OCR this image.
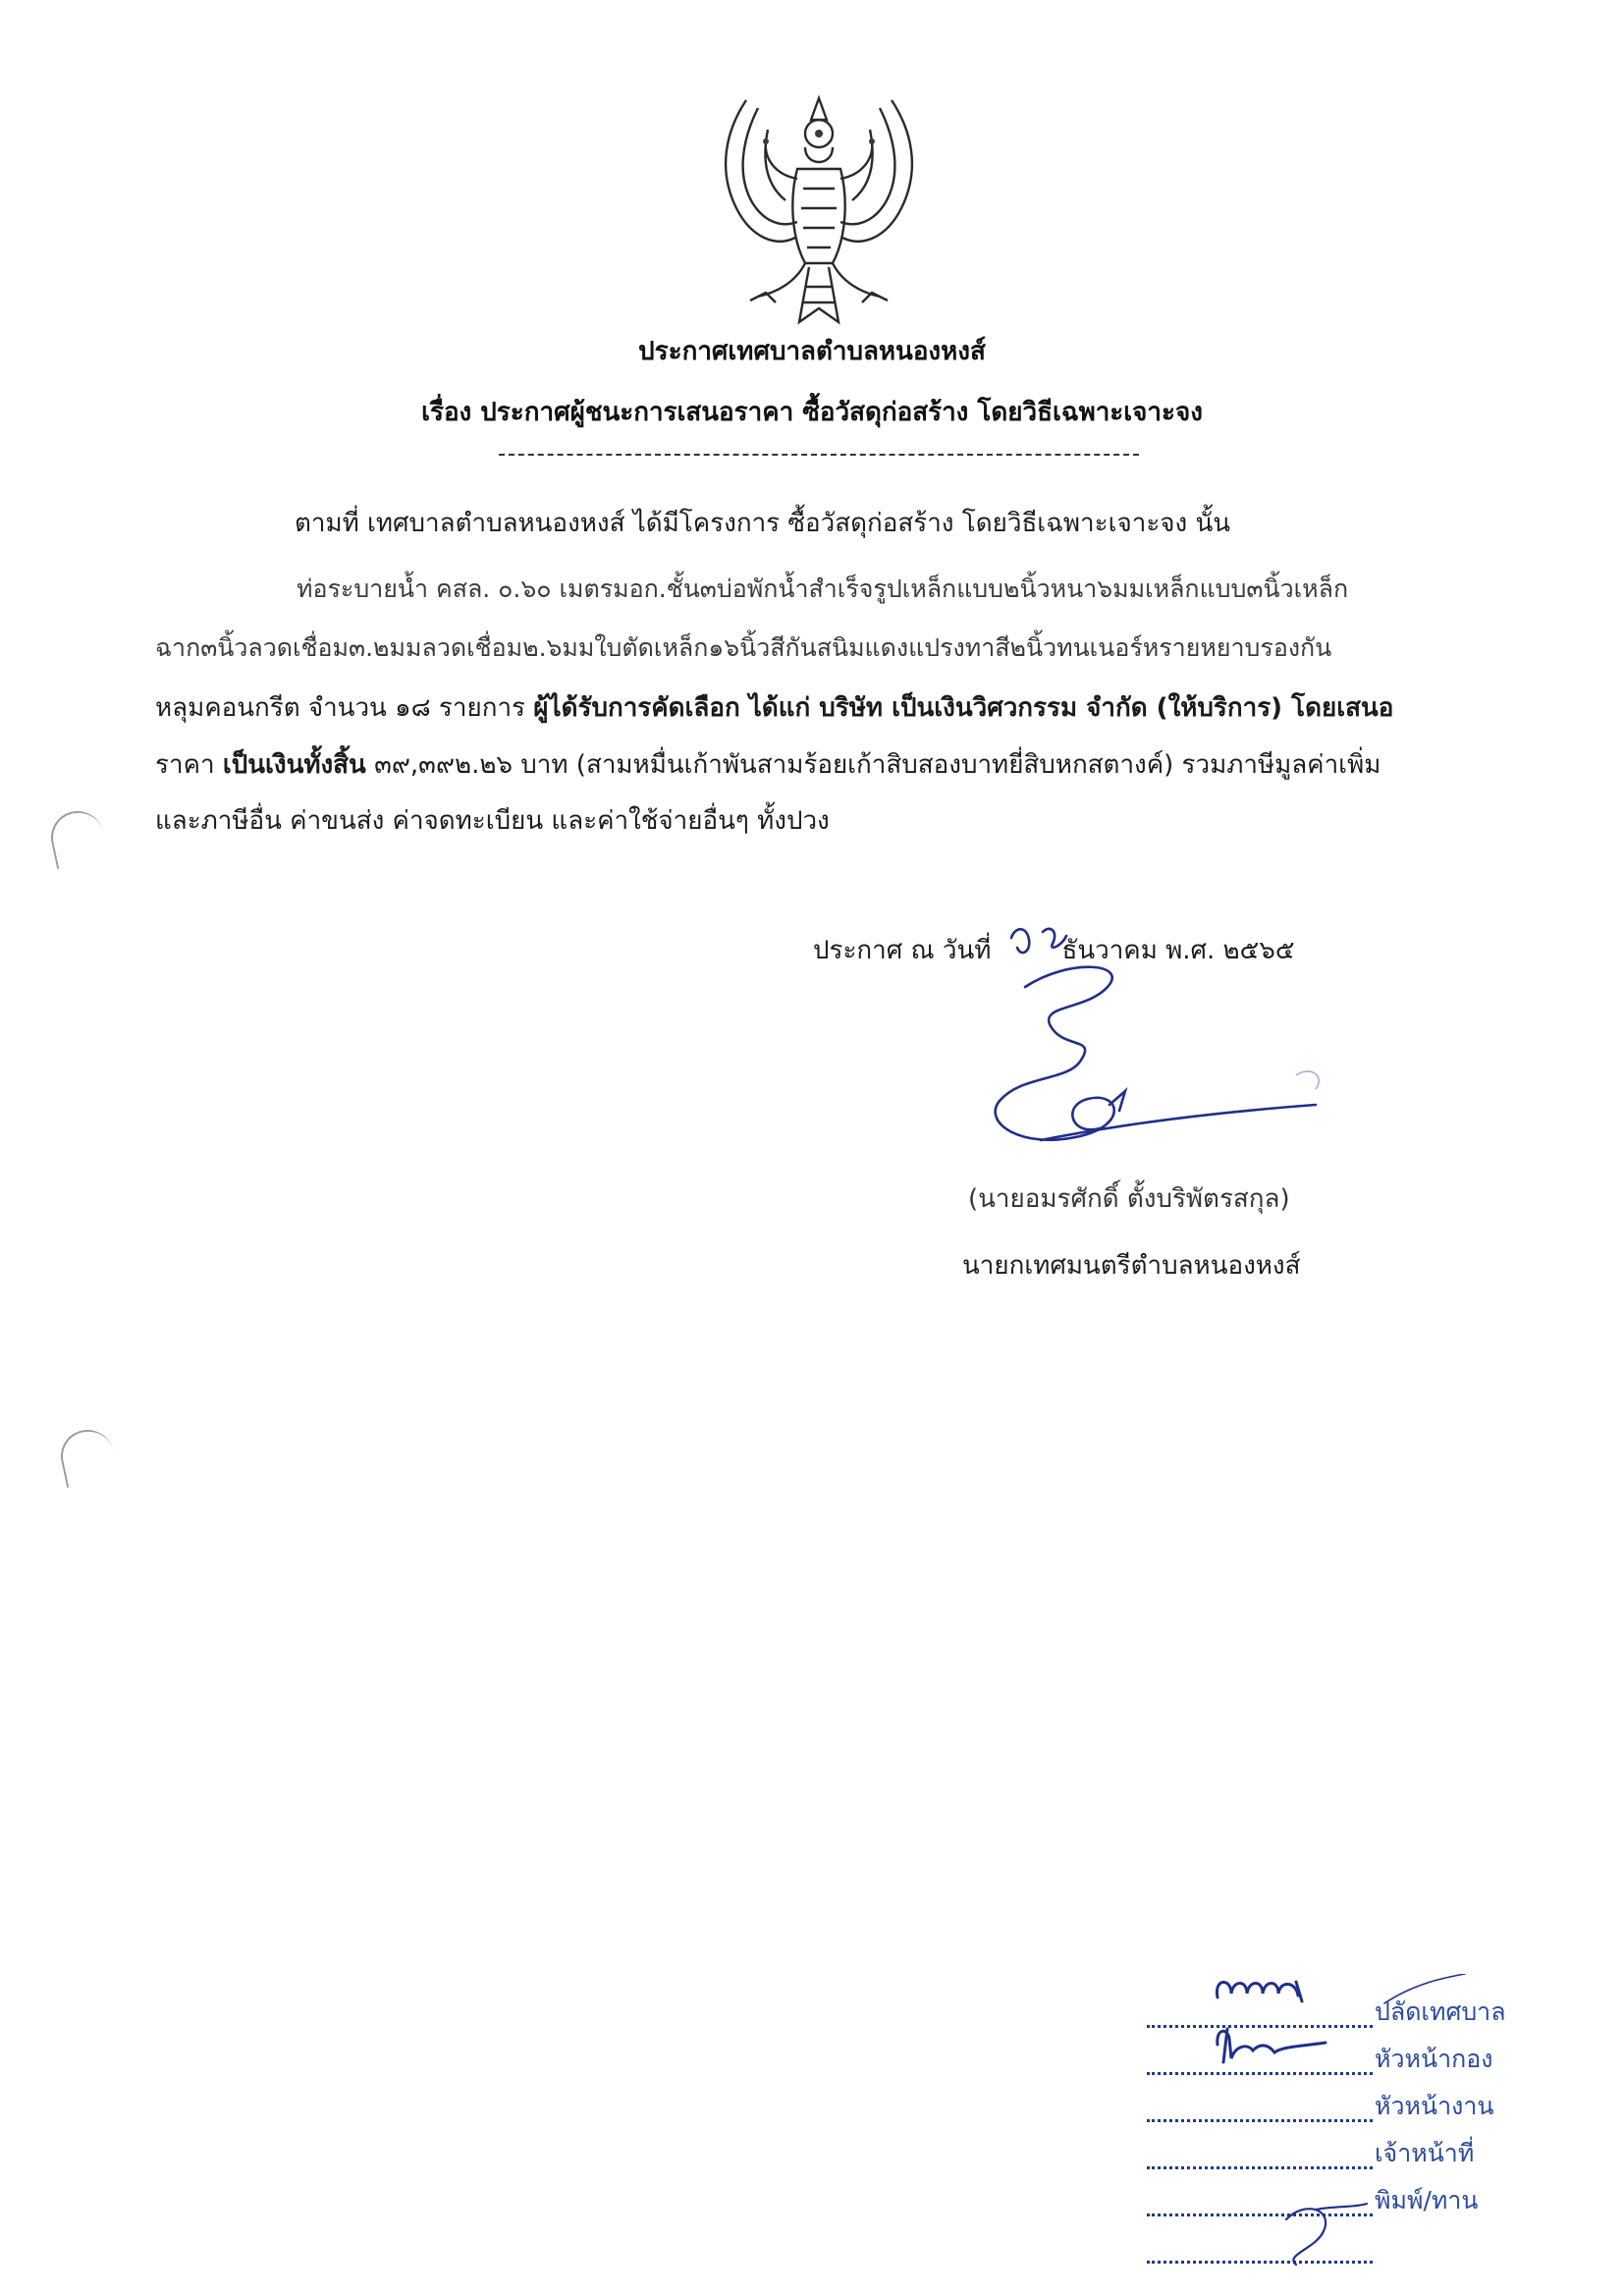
ประกาศเทศบาลตำบลหนองหงส์
เรื่อง ประกาศผู้ชนะการเสนอราคา ซื้อวัสดุก่อสร้าง โดยวิธีเฉพาะเจาะจง
ตามที่ เทศบาลตำบลหนองหงส์ ได้มีโครงการ ซื้อวัสดุก่อสร้าง โดยวิธีเฉพาะเจาะจง นั้น
ท่อระบายน้ำ คสล. ๐.๖๐ เมตรมอก.ชั้น๓บ่อพักน้ำสำเร็จรูปเหล็กแบบ๒นิ้วหนา๖มมเหล็กแบบ๓นิ้วเหล็ก
ฉาก๓นิ้วลวดเชื่อม๓.๒มมลวดเชื่อม๒.๖มมใบตัดเหล็ก๑๖นิ้วสีกันสนิมแดงแปรงทาสี๒นิ้วทนเนอร์หรายหยาบรองกัน
หลุมคอนกรีต จำนวน ๑๘ รายการ ผู้ได้รับการคัดเลือก ได้แก่ บริษัท เป็นเงินวิศวกรรม จำกัด (ให้บริการ) โดยเสนอ
ราคา เป็นเงินทั้งสิ้น ๓๙,๓๙๒.๒๖ บาท (สามหมื่นเก้าพันสามร้อยเก้าสิบสองบาทยี่สิบหกสตางค์) รวมภาษีมูลค่าเพิ่ม
และภาษีอื่น ค่าขนส่ง ค่าจดทะเบียน และค่าใช้จ่ายอื่นๆ ทั้งปวง
ประกาศ ณ วันที่	ธันวาคม พ.ศ. ๒๕๖๕
(นายอมรศักดิ์ ตั้งบริพัตรสกุล)
นายกเทศมนตรีตำบลหนองหงส์
ปลัดเทศบาล
หัวหน้ากอง
หัวหน้างาน
เจ้าหน้าที่
พิมพ์/ทาน
